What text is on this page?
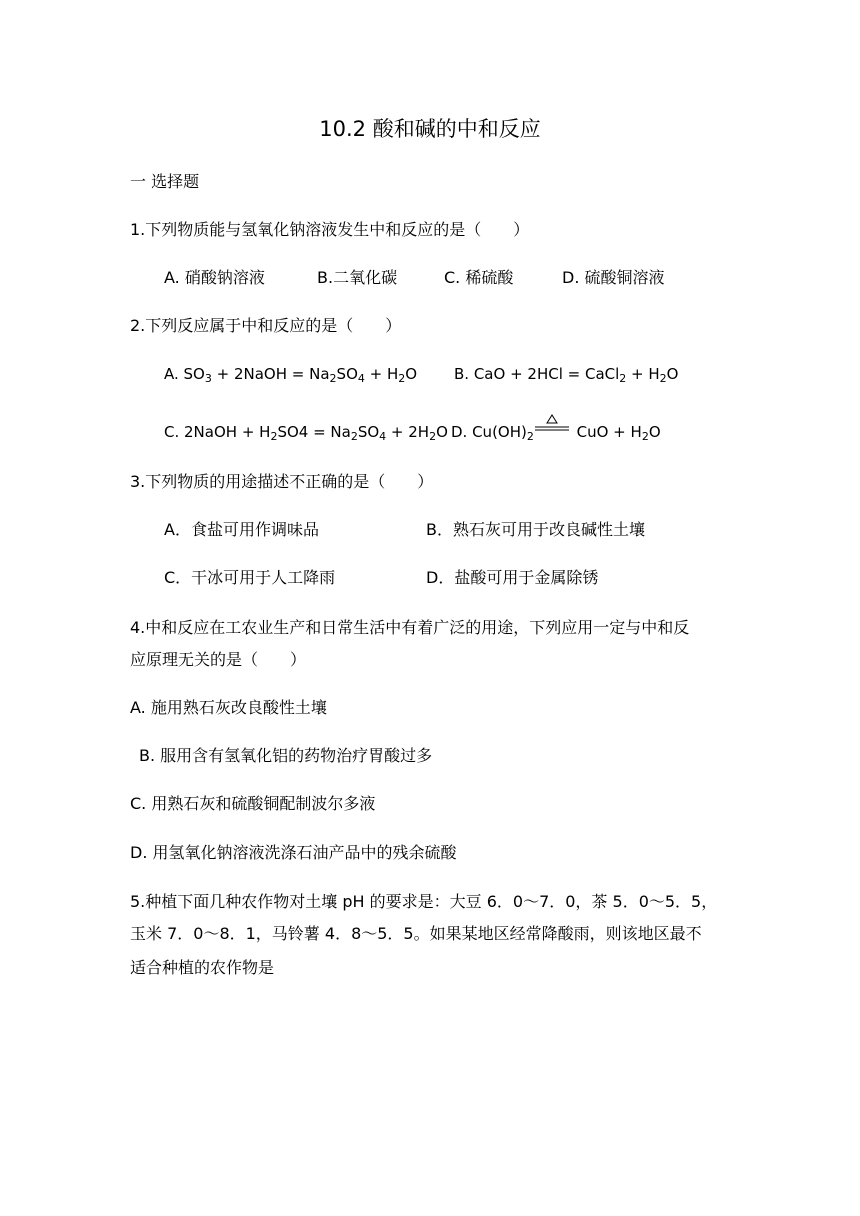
10.2 酸和碱的中和反应
一 选择题
1.下列物质能与氢氧化钠溶液发生中和反应的是（　　）
A. 硝酸钠溶液	B.二氧化碳	C. 稀硫酸	D. 硫酸铜溶液
2.下列反应属于中和反应的是（　　）
A. $SO_3$ + 2NaOH = $Na_2SO_4 + H_2O$ B. CaO + 2HCl = CaCl$_2$ + $H_2O$
C. 2NaOH + $H_2SO4 = Na_2SO_4 + 2H_2O$ D. $Cu(OH)_2$	CuO + $H_2O$
3.下列物质的用途描述不正确的是（　　）
A．食盐可用作调味品	B．熟石灰可用于改良碱性土壤
C．干冰可用于人工降雨	D．盐酸可用于金属除锈
4.中和反应在工农业生产和日常生活中有着广泛的用途，下列应用一定与中和反
应原理无关的是（　　）
A. 施用熟石灰改良酸性土壤
B. 服用含有氢氧化铝的药物治疗胃酸过多
C. 用熟石灰和硫酸铜配制波尔多液
D. 用氢氧化钠溶液洗涤石油产品中的残余硫酸
5.种植下面几种农作物对土壤 pH 的要求是：大豆 6．0～7．0，茶 5．0～5．5，
玉米 7．0～8．1，马铃薯 4．8～5．5。如果某地区经常降酸雨，则该地区最不
适合种植的农作物是
